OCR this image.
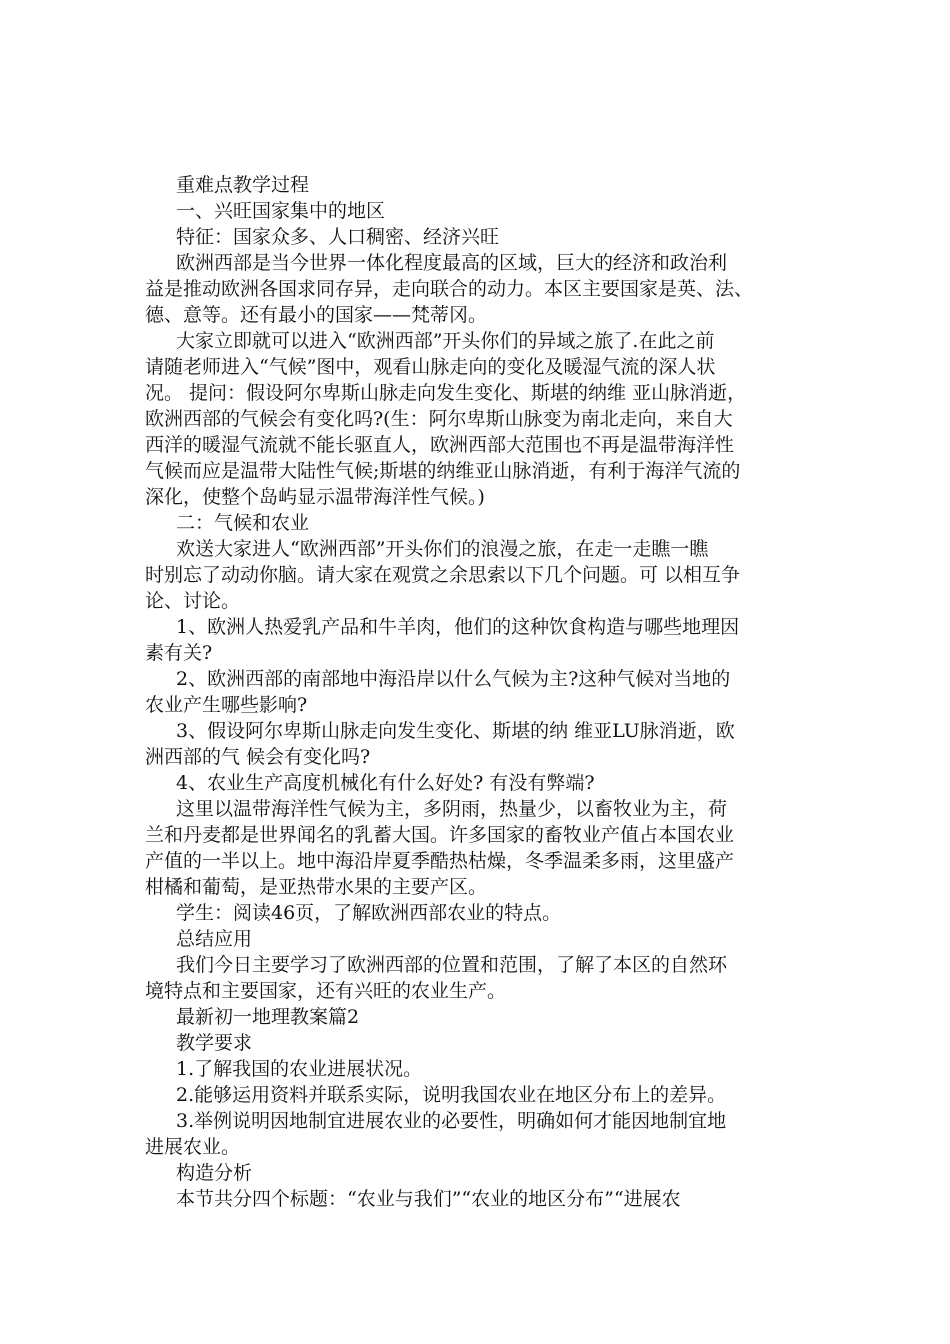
重难点教学过程
一、兴旺国家集中的地区
特征：国家众多、人口稠密、经济兴旺
欧洲西部是当今世界一体化程度最高的区域，巨大的经济和政治利
益是推动欧洲各国求同存异，走向联合的动力。本区主要国家是英、法、
德、意等。还有最小的国家——梵蒂冈。
大家立即就可以进入“欧洲西部”开头你们的异域之旅了.在此之前
请随老师进入“气候”图中，观看山脉走向的变化及暖湿气流的深人状
况。 提问：假设阿尔卑斯山脉走向发生变化、斯堪的纳维 亚山脉消逝，
欧洲西部的气候会有变化吗?(生：阿尔卑斯山脉变为南北走向，来自大
西洋的暖湿气流就不能长驱直人，欧洲西部大范围也不再是温带海洋性
气候而应是温带大陆性气候;斯堪的纳维亚山脉消逝，有利于海洋气流的
深化，使整个岛屿显示温带海洋性气候。)
二：气候和农业
欢送大家进人“欧洲西部”开头你们的浪漫之旅，在走一走瞧一瞧
时别忘了动动你脑。请大家在观赏之余思索以下几个问题。可 以相互争
论、讨论。
1、欧洲人热爱乳产品和牛羊肉，他们的这种饮食构造与哪些地理因
素有关?
2、欧洲西部的南部地中海沿岸以什么气候为主?这种气候对当地的
农业产生哪些影响?
3、假设阿尔卑斯山脉走向发生变化、斯堪的纳 维亚LU脉消逝，欧
洲西部的气 候会有变化吗?
4、农业生产高度机械化有什么好处? 有没有弊端?
这里以温带海洋性气候为主，多阴雨，热量少，以畜牧业为主，荷
兰和丹麦都是世界闻名的乳蓄大国。许多国家的畜牧业产值占本国农业
产值的一半以上。地中海沿岸夏季酷热枯燥，冬季温柔多雨，这里盛产
柑橘和葡萄，是亚热带水果的主要产区。
学生：阅读46页，了解欧洲西部农业的特点。
总结应用
我们今日主要学习了欧洲西部的位置和范围，了解了本区的自然环
境特点和主要国家，还有兴旺的农业生产。
最新初一地理教案篇2
教学要求
1.了解我国的农业进展状况。
2.能够运用资料并联系实际，说明我国农业在地区分布上的差异。
3.举例说明因地制宜进展农业的必要性，明确如何才能因地制宜地
进展农业。
构造分析
本节共分四个标题：“农业与我们”“农业的地区分布”“进展农
